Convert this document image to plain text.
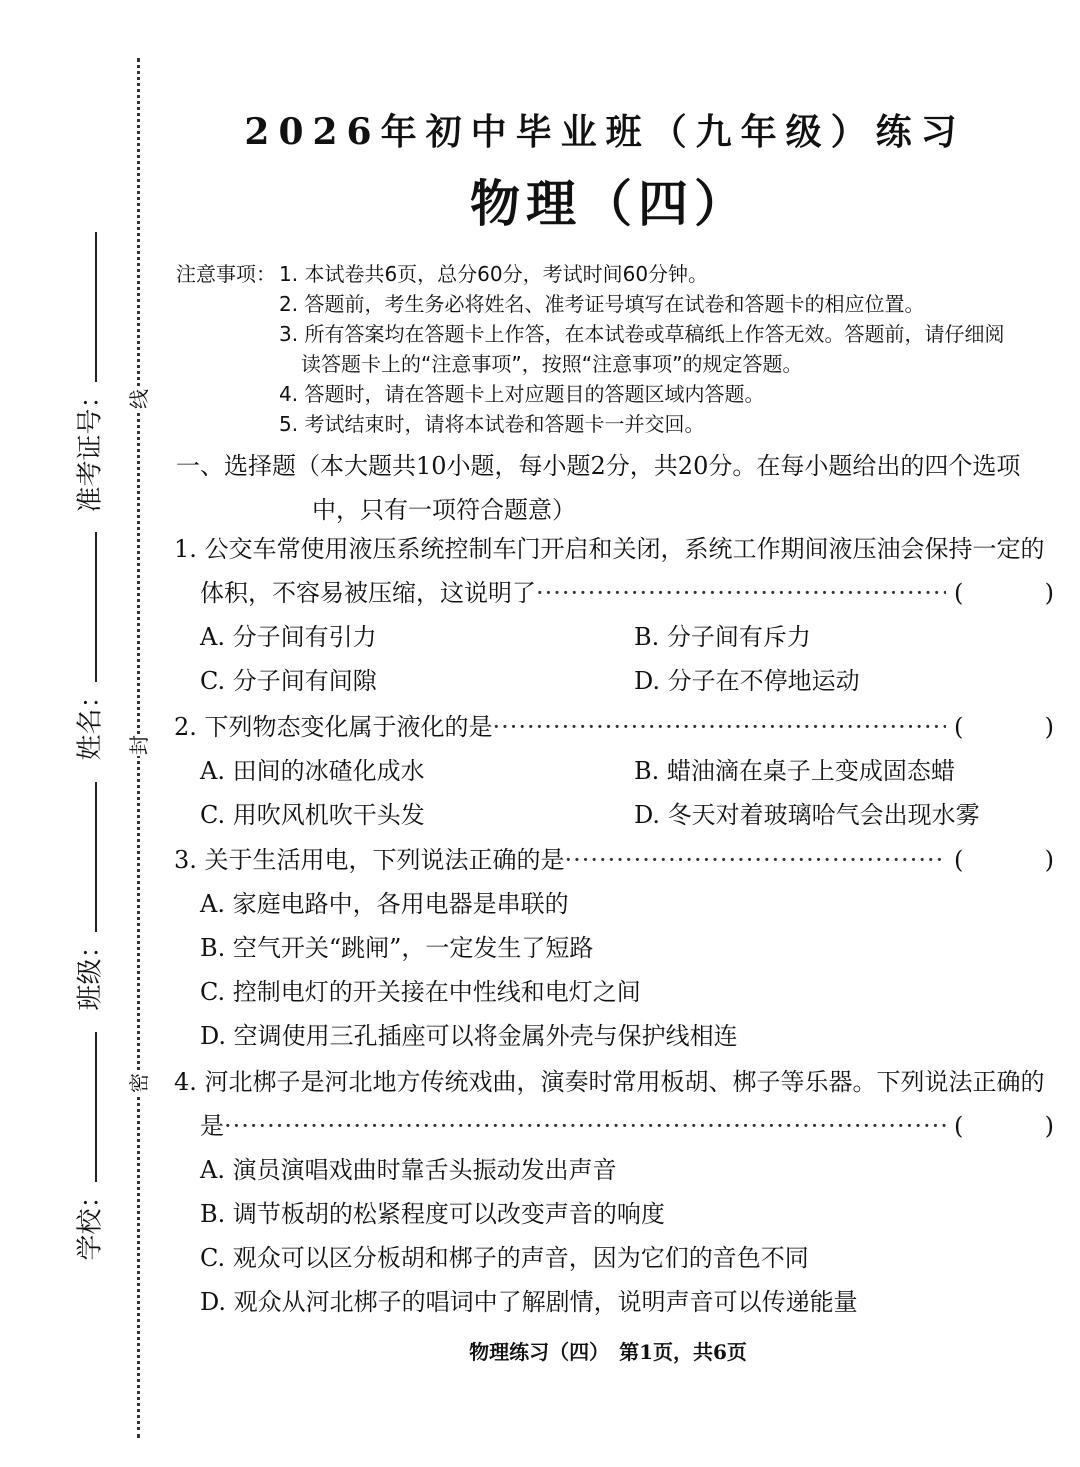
线
封
密
准考证号：
姓名：
班级：
学校：
2026年初中毕业班（九年级）练习
物理（四）
注意事项： 1. 本试卷共6页，总分60分，考试时间60分钟。
2. 答题前，考生务必将姓名、准考证号填写在试卷和答题卡的相应位置。
3. 所有答案均在答题卡上作答，在本试卷或草稿纸上作答无效。答题前，请仔细阅
读答题卡上的“注意事项”，按照“注意事项”的规定答题。
4. 答题时，请在答题卡上对应题目的答题区域内答题。
5. 考试结束时，请将本试卷和答题卡一并交回。
一、选择题（本大题共10小题，每小题2分，共20分。在每小题给出的四个选项
中，只有一项符合题意）
1. 公交车常使用液压系统控制车门开启和关闭，系统工作期间液压油会保持一定的
体积，不容易被压缩，这说明了 ·····	(	)
A. 分子间有引力	B. 分子间有斥力
C. 分子间有间隙	D. 分子在不停地运动
2. 下列物态变化属于液化的是 ·····	(	)
A. 田间的冰碴化成水	B. 蜡油滴在桌子上变成固态蜡
C. 用吹风机吹干头发	D. 冬天对着玻璃哈气会出现水雾
3. 关于生活用电，下列说法正确的是 ·····	(	)
A. 家庭电路中，各用电器是串联的
B. 空气开关“跳闸”，一定发生了短路
C. 控制电灯的开关接在中性线和电灯之间
D. 空调使用三孔插座可以将金属外壳与保护线相连
4. 河北梆子是河北地方传统戏曲，演奏时常用板胡、梆子等乐器。下列说法正确的
是 ·····	(	)
A. 演员演唱戏曲时靠舌头振动发出声音
B. 调节板胡的松紧程度可以改变声音的响度
C. 观众可以区分板胡和梆子的声音，因为它们的音色不同
D. 观众从河北梆子的唱词中了解剧情，说明声音可以传递能量
物理练习（四）　第1页，共6页
